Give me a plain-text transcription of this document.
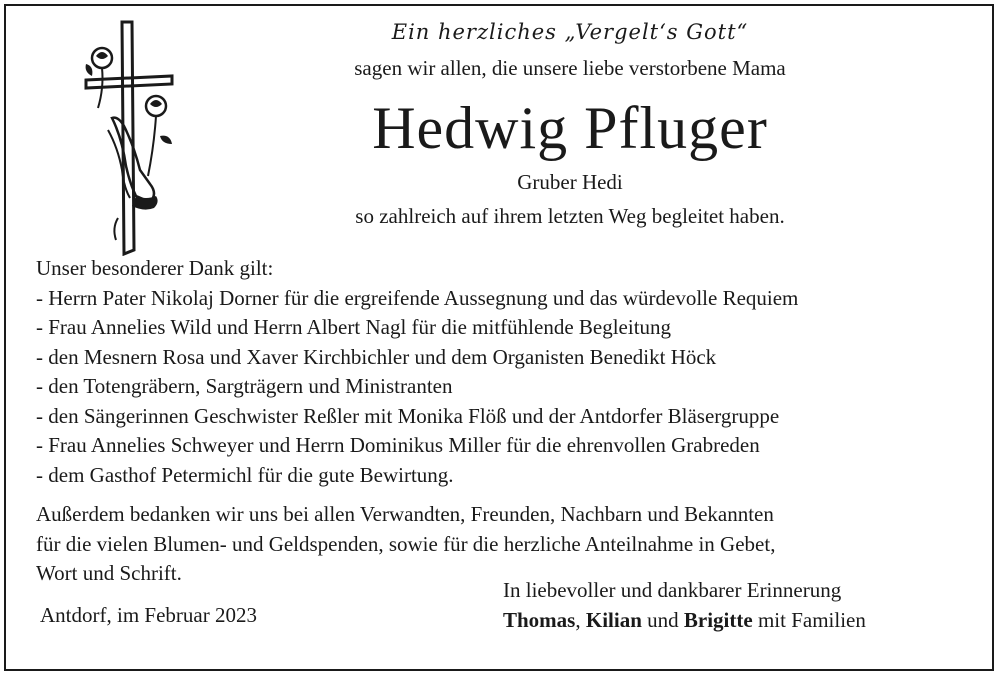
Ein herzliches „Vergelt‘s Gott“
sagen wir allen, die unsere liebe verstorbene Mama
Hedwig Pfluger
Gruber Hedi
so zahlreich auf ihrem letzten Weg begleitet haben.
Unser besonderer Dank gilt:
- Herrn Pater Nikolaj Dorner für die ergreifende Aussegnung und das würdevolle Requiem
- Frau Annelies Wild und Herrn Albert Nagl für die mitfühlende Begleitung
- den Mesnern Rosa und Xaver Kirchbichler und dem Organisten Benedikt Höck
- den Totengräbern, Sargträgern und Ministranten
- den Sängerinnen Geschwister Reßler mit Monika Flöß und der Antdorfer Bläsergruppe
- Frau Annelies Schweyer und Herrn Dominikus Miller für die ehrenvollen Grabreden
- dem Gasthof Petermichl für die gute Bewirtung.
Außerdem bedanken wir uns bei allen Verwandten, Freunden, Nachbarn und Bekannten
für die vielen Blumen- und Geldspenden, sowie für die herzliche Anteilnahme in Gebet,
Wort und Schrift.
Antdorf, im Februar 2023
In liebevoller und dankbarer Erinnerung
Thomas, Kilian und Brigitte mit Familien
